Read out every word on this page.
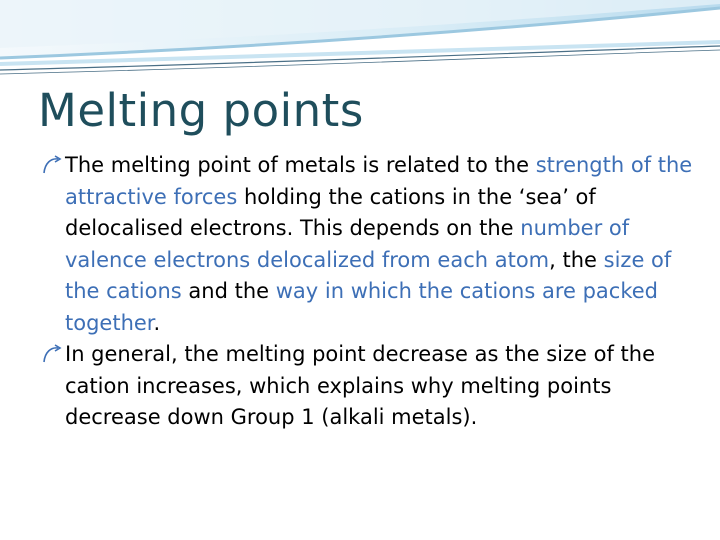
Melting points

The melting point of metals is related to the strength of the attractive forces holding the cations in the ‘sea’ of delocalised electrons. This depends on the number of valence electrons delocalized from each atom, the size of the cations and the way in which the cations are packed together.

In general, the melting point decrease as the size of the cation increases, which explains why melting points decrease down Group 1 (alkali metals).
